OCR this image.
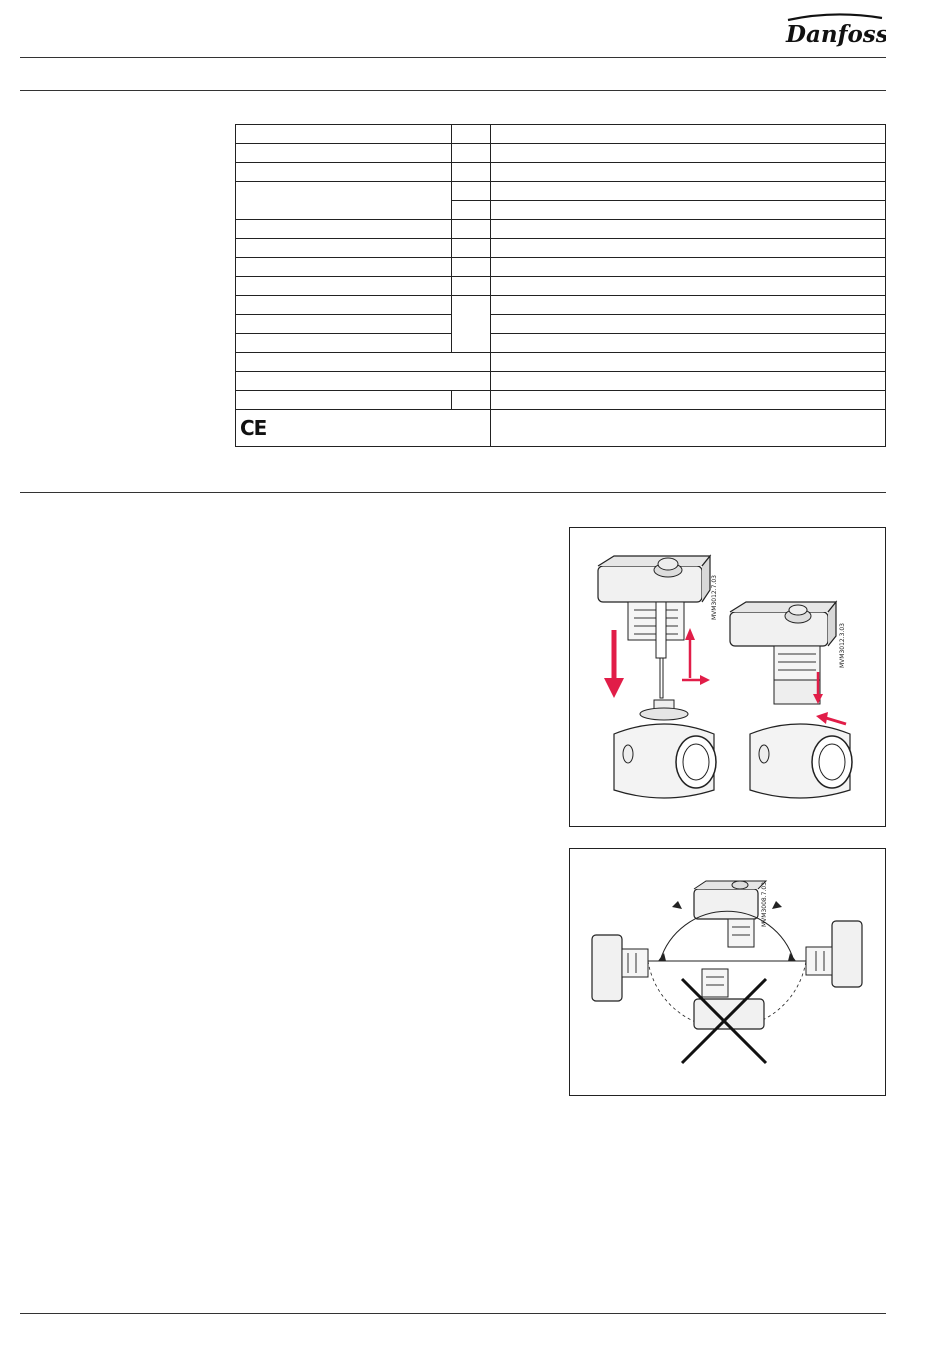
Danfoss

CE		
MVM3012.7.03
MVM3012.3.03
MVM3008.7.03
